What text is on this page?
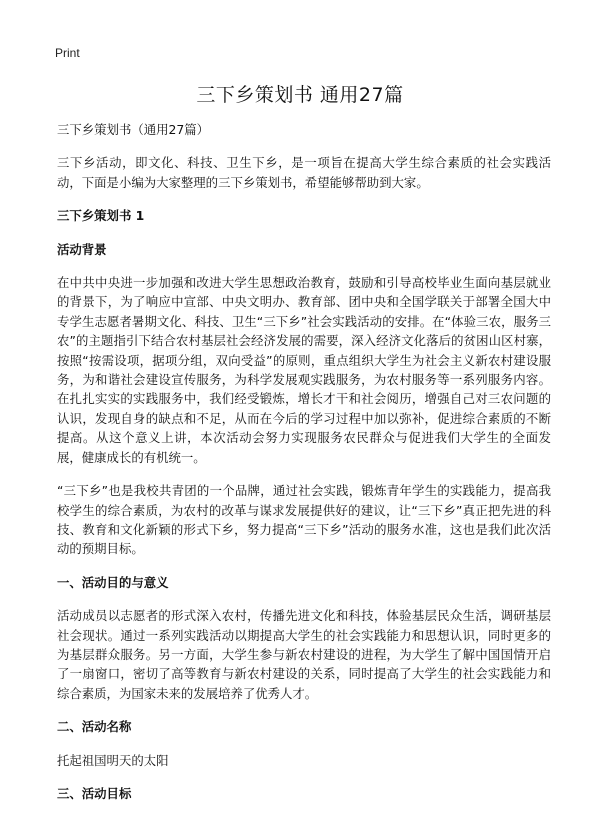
Print
三下乡策划书 通用27篇

三下乡策划书（通用27篇）

三下乡活动，即文化、科技、卫生下乡，是一项旨在提高大学生综合素质的社会实践活动，下面是小编为大家整理的三下乡策划书，希望能够帮助到大家。

三下乡策划书 1

活动背景

在中共中央进一步加强和改进大学生思想政治教育，鼓励和引导高校毕业生面向基层就业的背景下，为了响应中宣部、中央文明办、教育部、团中央和全国学联关于部署全国大中专学生志愿者暑期文化、科技、卫生“三下乡”社会实践活动的安排。在“体验三农，服务三农”的主题指引下结合农村基层社会经济发展的需要，深入经济文化落后的贫困山区村寨，按照“按需设项，据项分组，双向受益”的原则，重点组织大学生为社会主义新农村建设服务，为和谐社会建设宣传服务，为科学发展观实践服务，为农村服务等一系列服务内容。在扎扎实实的实践服务中，我们经受锻炼，增长才干和社会阅历，增强自己对三农问题的认识，发现自身的缺点和不足，从而在今后的学习过程中加以弥补，促进综合素质的不断提高。从这个意义上讲，本次活动会努力实现服务农民群众与促进我们大学生的全面发展，健康成长的有机统一。

“三下乡”也是我校共青团的一个品牌，通过社会实践，锻炼青年学生的实践能力，提高我校学生的综合素质，为农村的改革与谋求发展提供好的建议，让“三下乡”真正把先进的科技、教育和文化新颖的形式下乡，努力提高“三下乡”活动的服务水准，这也是我们此次活动的预期目标。

一、活动目的与意义

活动成员以志愿者的形式深入农村，传播先进文化和科技，体验基层民众生活，调研基层社会现状。通过一系列实践活动以期提高大学生的社会实践能力和思想认识，同时更多的为基层群众服务。另一方面，大学生参与新农村建设的进程，为大学生了解中国国情开启了一扇窗口，密切了高等教育与新农村建设的关系，同时提高了大学生的社会实践能力和综合素质，为国家未来的发展培养了优秀人才。

二、活动名称

托起祖国明天的太阳

三、活动目标
